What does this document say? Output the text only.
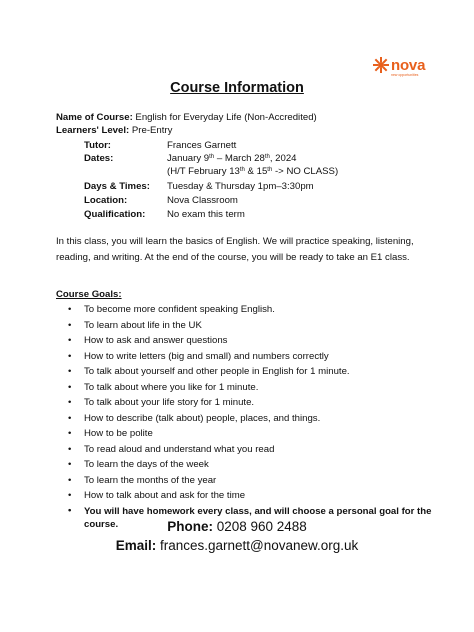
nova
new opportunities
Course Information
Name of Course: English for Everyday Life (Non-Accredited)
Learners' Level: Pre-Entry
Tutor:	Frances Garnett
Dates:	January 9th – March 28th, 2024
(H/T February 13th & 15th -> NO CLASS)
Days & Times: Tuesday & Thursday 1pm–3:30pm
Location:	Nova Classroom
Qualification: No exam this term
In this class, you will learn the basics of English. We will practice speaking, listening, reading, and writing. At the end of the course, you will be ready to take an E1 class.
Course Goals:
• To become more confident speaking English.
• To learn about life in the UK
• How to ask and answer questions
• How to write letters (big and small) and numbers correctly
• To talk about yourself and other people in English for 1 minute.
• To talk about where you like for 1 minute.
• To talk about your life story for 1 minute.
• How to describe (talk about) people, places, and things.
• How to be polite
• To read aloud and understand what you read
• To learn the days of the week
• To learn the months of the year
• How to talk about and ask for the time
• You will have homework every class, and will choose a personal goal for the course.	Phone: 0208 960 2488
Email: frances.garnett@novanew.org.uk
